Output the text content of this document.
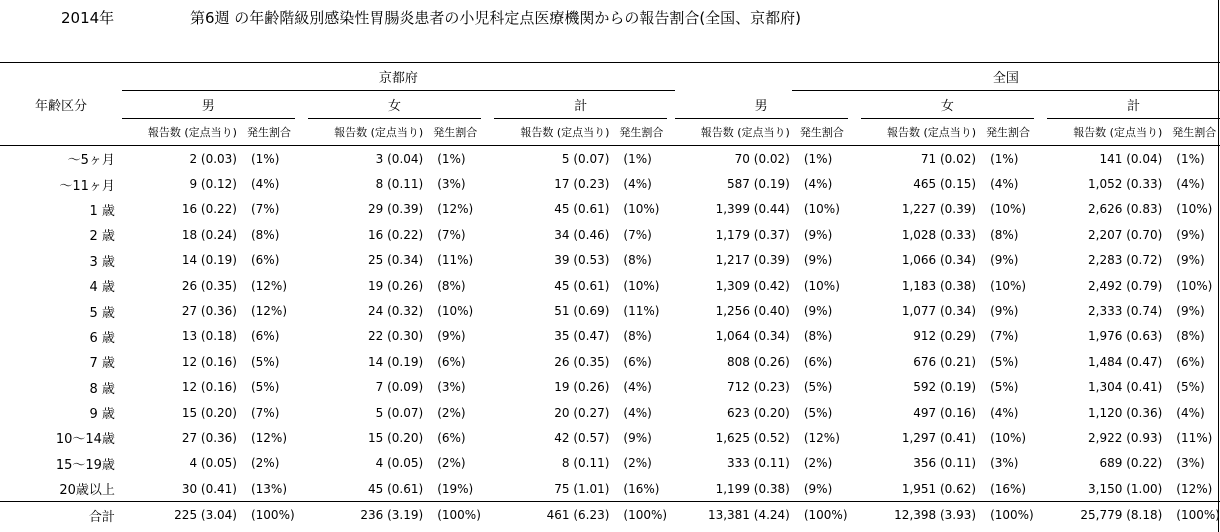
2014年	第6週 の年齢階級別感染性胃腸炎患者の小児科定点医療機関からの報告割合(全国、京都府)
年齢区分	京都府										全国						
	男			女			計			男			女			計	
	報告数 (定点当り)	発生割合		報告数 (定点当り)	発生割合		報告数 (定点当り)	発生割合		報告数 (定点当り)	発生割合		報告数 (定点当り)	発生割合		報告数 (定点当り)	発生割合
～5ヶ月	2 (0.03)	(1%)		3 (0.04)	(1%)		5 (0.07)	(1%)		70 (0.02)	(1%)		71 (0.02)	(1%)		141 (0.04)	(1%)
～11ヶ月	9 (0.12)	(4%)		8 (0.11)	(3%)		17 (0.23)	(4%)		587 (0.19)	(4%)		465 (0.15)	(4%)		1,052 (0.33)	(4%)
1 歳	16 (0.22)	(7%)		29 (0.39)	(12%)		45 (0.61)	(10%)		1,399 (0.44)	(10%)		1,227 (0.39)	(10%)		2,626 (0.83)	(10%)
2 歳	18 (0.24)	(8%)		16 (0.22)	(7%)		34 (0.46)	(7%)		1,179 (0.37)	(9%)		1,028 (0.33)	(8%)		2,207 (0.70)	(9%)
3 歳	14 (0.19)	(6%)		25 (0.34)	(11%)		39 (0.53)	(8%)		1,217 (0.39)	(9%)		1,066 (0.34)	(9%)		2,283 (0.72)	(9%)
4 歳	26 (0.35)	(12%)		19 (0.26)	(8%)		45 (0.61)	(10%)		1,309 (0.42)	(10%)		1,183 (0.38)	(10%)		2,492 (0.79)	(10%)
5 歳	27 (0.36)	(12%)		24 (0.32)	(10%)		51 (0.69)	(11%)		1,256 (0.40)	(9%)		1,077 (0.34)	(9%)		2,333 (0.74)	(9%)
6 歳	13 (0.18)	(6%)		22 (0.30)	(9%)		35 (0.47)	(8%)		1,064 (0.34)	(8%)		912 (0.29)	(7%)		1,976 (0.63)	(8%)
7 歳	12 (0.16)	(5%)		14 (0.19)	(6%)		26 (0.35)	(6%)		808 (0.26)	(6%)		676 (0.21)	(5%)		1,484 (0.47)	(6%)
8 歳	12 (0.16)	(5%)		7 (0.09)	(3%)		19 (0.26)	(4%)		712 (0.23)	(5%)		592 (0.19)	(5%)		1,304 (0.41)	(5%)
9 歳	15 (0.20)	(7%)		5 (0.07)	(2%)		20 (0.27)	(4%)		623 (0.20)	(5%)		497 (0.16)	(4%)		1,120 (0.36)	(4%)
10～14歳	27 (0.36)	(12%)		15 (0.20)	(6%)		42 (0.57)	(9%)		1,625 (0.52)	(12%)		1,297 (0.41)	(10%)		2,922 (0.93)	(11%)
15～19歳	4 (0.05)	(2%)		4 (0.05)	(2%)		8 (0.11)	(2%)		333 (0.11)	(2%)		356 (0.11)	(3%)		689 (0.22)	(3%)
20歳以上	30 (0.41)	(13%)		45 (0.61)	(19%)		75 (1.01)	(16%)		1,199 (0.38)	(9%)		1,951 (0.62)	(16%)		3,150 (1.00)	(12%)
合計	225 (3.04)	(100%)		236 (3.19)	(100%)		461 (6.23)	(100%)		13,381 (4.24)	(100%)		12,398 (3.93)	(100%)		25,779 (8.18)	(100%)
